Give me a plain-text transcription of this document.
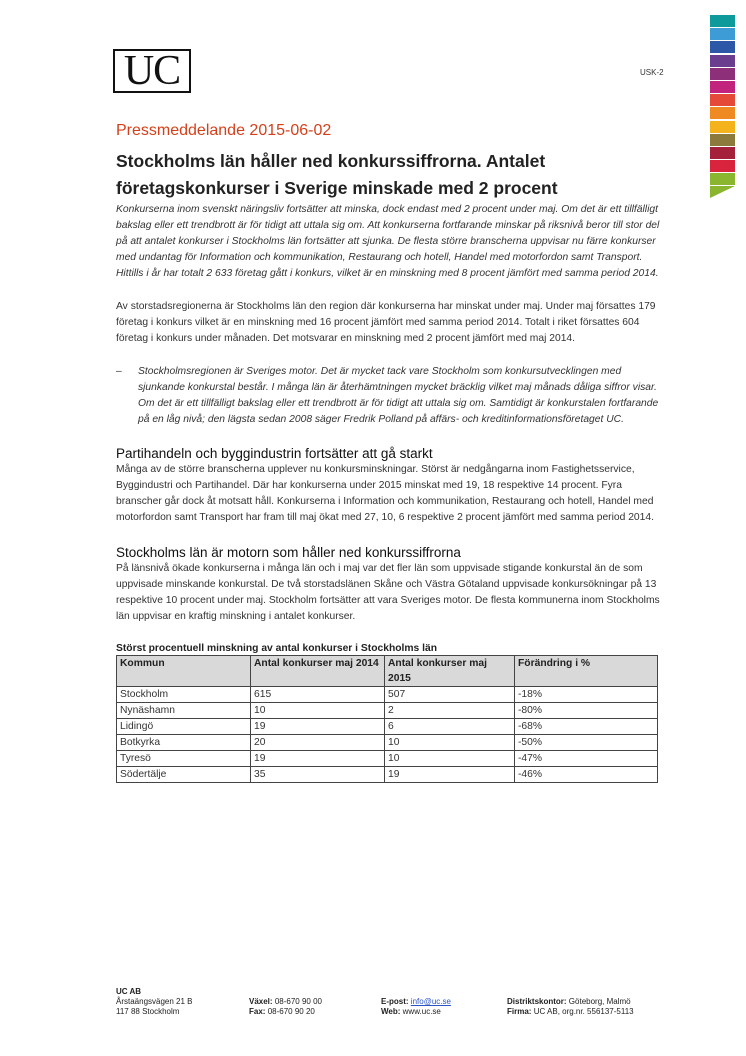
UC	USK-2

Pressmeddelande 2015-06-02

Stockholms län håller ned konkurssiffrorna. Antalet
företagskonkurser i Sverige minskade med 2 procent

Konkurserna inom svenskt näringsliv fortsätter att minska, dock endast med 2 procent under maj. Om det är ett tillfälligt bakslag eller ett trendbrott är för tidigt att uttala sig om. Att konkurserna fortfarande minskar på riksnivå beror till stor del på att antalet konkurser i Stockholms län fortsätter att sjunka. De flesta större branscherna uppvisar nu färre konkurser med undantag för Information och kommunikation, Restaurang och hotell, Handel med motorfordon samt Transport. Hittills i år har totalt 2 633 företag gått i konkurs, vilket är en minskning med 8 procent jämfört med samma period 2014.

Av storstadsregionerna är Stockholms län den region där konkurserna har minskat under maj. Under maj försattes 179 företag i konkurs vilket är en minskning med 16 procent jämfört med samma period 2014. Totalt i riket försattes 604 företag i konkurs under månaden. Det motsvarar en minskning med 2 procent jämfört med maj 2014.

– Stockholmsregionen är Sveriges motor. Det är mycket tack vare Stockholm som konkursutvecklingen med sjunkande konkurstal består. I många län är återhämtningen mycket bräcklig vilket maj månads dåliga siffror visar. Om det är ett tillfälligt bakslag eller ett trendbrott är för tidigt att uttala sig om. Samtidigt är konkurstalen fortfarande på en låg nivå; den lägsta sedan 2008 säger Fredrik Polland på affärs- och kreditinformationsföretaget UC.
Partihandeln och byggindustrin fortsätter att gå starkt

Många av de större branscherna upplever nu konkursminskningar. Störst är nedgångarna inom Fastighetsservice, Byggindustri och Partihandel. Där har konkurserna under 2015 minskat med 19, 18 respektive 14 procent. Fyra branscher går dock åt motsatt håll. Konkurserna i Information och kommunikation, Restaurang och hotell, Handel med motorfordon samt Transport har fram till maj ökat med 27, 10, 6 respektive 2 procent jämfört med samma period 2014.

Stockholms län är motorn som håller ned konkurssiffrorna

På länsnivå ökade konkurserna i många län och i maj var det fler län som uppvisade stigande konkurstal än de som uppvisade minskande konkurstal. De två storstadslänen Skåne och Västra Götaland uppvisade konkursökningar på 13 respektive 10 procent under maj. Stockholm fortsätter att vara Sveriges motor. De flesta kommunerna inom Stockholms län uppvisar en kraftig minskning i antalet konkurser.

Störst procentuell minskning av antal konkurser i Stockholms län

Kommun	Antal konkurser maj 2014	Antal konkurser maj 2015	Förändring i %
Stockholm	615	507	-18%
Nynäshamn	10	2	-80%
Lidingö	19	6	-68%
Botkyrka	20	10	-50%
Tyresö	19	10	-47%
Södertälje	35	19	-46%
UC AB
Årstaängsvägen 21 B
117 88 Stockholm
Växel: 08-670 90 00
Fax: 08-670 90 20
E-post: info@uc.se
Web: www.uc.se
Distriktskontor: Göteborg, Malmö
Firma: UC AB, org.nr. 556137-5113
